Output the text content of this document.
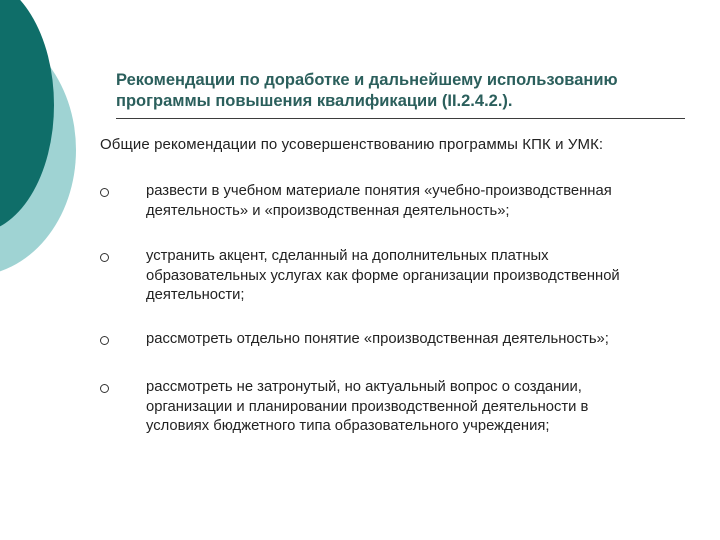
Рекомендации по доработке и дальнейшему использованию
программы повышения квалификации (II.2.4.2.).

Общие рекомендации по усовершенствованию программы КПК и УМК:

развести в учебном материале понятия «учебно-производственная
деятельность» и «производственная деятельность»;

устранить акцент, сделанный на дополнительных платных
образовательных услугах как форме организации производственной
деятельности;

рассмотреть отдельно понятие «производственная деятельность»;

рассмотреть не затронутый, но актуальный вопрос о создании,
организации и планировании производственной деятельности в
условиях бюджетного типа образовательного учреждения;
